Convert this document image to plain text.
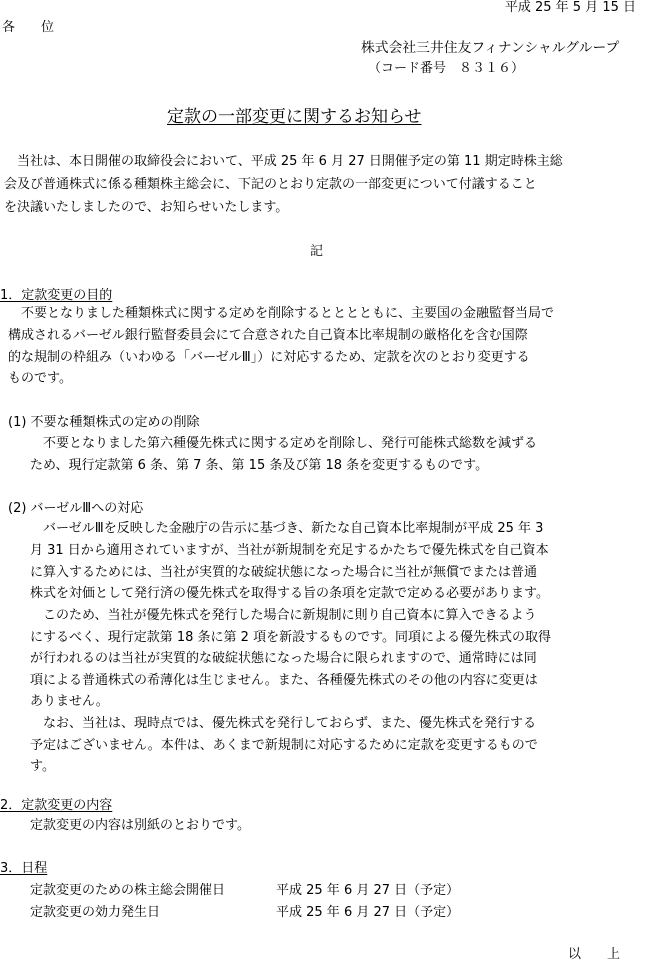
平成 25 年 5 月 15 日
各　　位
株式会社三井住友フィナンシャルグループ
（コード番号　８３１６）
定款の一部変更に関するお知らせ
　当社は、本日開催の取締役会において、平成 25 年 6 月 27 日開催予定の第 11 期定時株主総
会及び普通株式に係る種類株主総会に、下記のとおり定款の一部変更について付議すること
を決議いたしましたので、お知らせいたします。
記
1．定款変更の目的
　不要となりました種類株式に関する定めを削除するとととともに、主要国の金融監督当局で
構成されるバーゼル銀行監督委員会にて合意された自己資本比率規制の厳格化を含む国際
的な規制の枠組み（いわゆる「バーゼルⅢ」）に対応するため、定款を次のとおり変更する
ものです。
(1) 不要な種類株式の定めの削除
　不要となりました第六種優先株式に関する定めを削除し、発行可能株式総数を減ずる
ため、現行定款第 6 条、第 7 条、第 15 条及び第 18 条を変更するものです。
(2) バーゼルⅢへの対応
　バーゼルⅢを反映した金融庁の告示に基づき、新たな自己資本比率規制が平成 25 年 3
月 31 日から適用されていますが、当社が新規制を充足するかたちで優先株式を自己資本
に算入するためには、当社が実質的な破綻状態になった場合に当社が無償でまたは普通
株式を対価として発行済の優先株式を取得する旨の条項を定款で定める必要があります。
　このため、当社が優先株式を発行した場合に新規制に則り自己資本に算入できるよう
にするべく、現行定款第 18 条に第 2 項を新設するものです。同項による優先株式の取得
が行われるのは当社が実質的な破綻状態になった場合に限られますので、通常時には同
項による普通株式の希薄化は生じません。また、各種優先株式のその他の内容に変更は
ありません。
　なお、当社は、現時点では、優先株式を発行しておらず、また、優先株式を発行する
予定はございません。本件は、あくまで新規制に対応するために定款を変更するもので
す。
2．定款変更の内容
定款変更の内容は別紙のとおりです。
3．日程
定款変更のための株主総会開催日	平成 25 年 6 月 27 日（予定）
定款変更の効力発生日	平成 25 年 6 月 27 日（予定）
以　　上
